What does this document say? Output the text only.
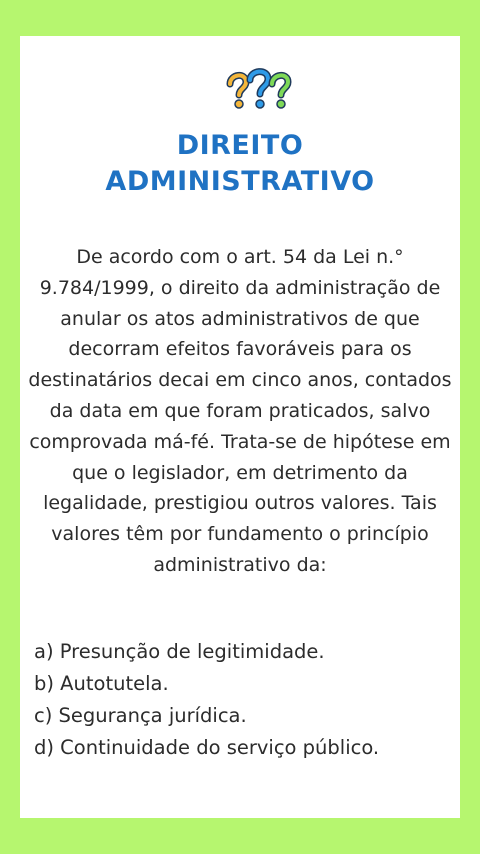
DIREITO
ADMINISTRATIVO
De acordo com o art. 54 da Lei n.° 9.784/1999, o direito da administração de anular os atos administrativos de que decorram efeitos favoráveis para os destinatários decai em cinco anos, contados da data em que foram praticados, salvo comprovada má-fé. Trata-se de hipótese em que o legislador, em detrimento da legalidade, prestigiou outros valores. Tais valores têm por fundamento o princípio administrativo da:
a) Presunção de legitimidade.
b) Autotutela.
c) Segurança jurídica.
d) Continuidade do serviço público.
